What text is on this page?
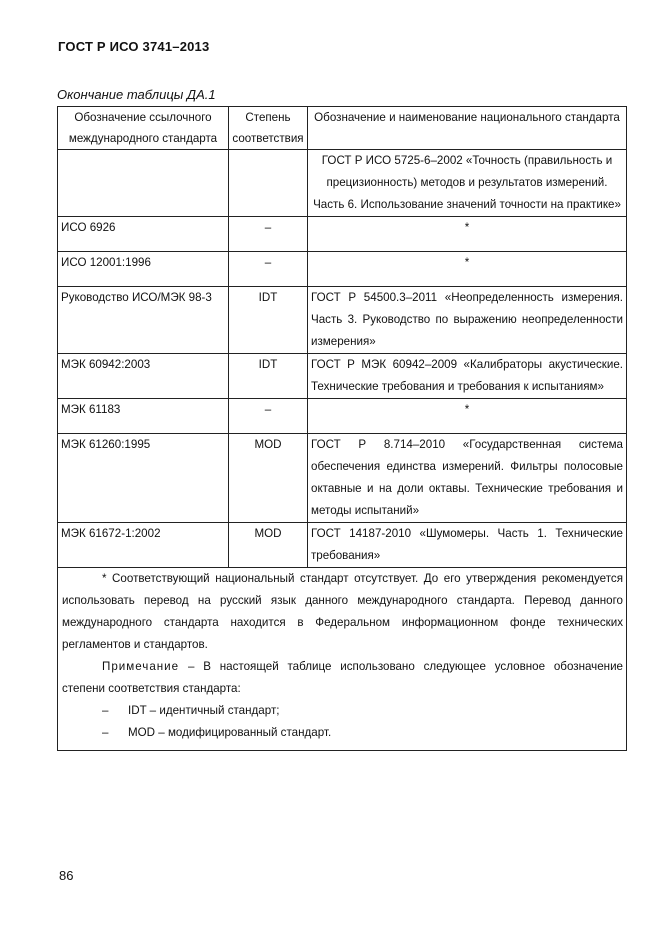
ГОСТ Р ИСО 3741–2013
Окончание таблицы ДА.1
Обозначение ссылочного международного стандарта	Степень соответствия	Обозначение и наименование национального стандарта
		ГОСТ Р ИСО 5725-6–2002 «Точность (правильность и прецизионность) методов и результатов измерений. Часть 6. Использование значений точности на практике»
ИСО 6926	–	*
ИСО 12001:1996	–	*
Руководство ИСО/МЭК 98-3	IDT	ГОСТ Р 54500.3–2011 «Неопределенность измерения. Часть 3. Руководство по выражению неопределенности измерения»
МЭК 60942:2003	IDT	ГОСТ Р МЭК 60942–2009 «Калибраторы акустические. Технические требования и требования к испытаниям»
МЭК 61183	–	*
МЭК 61260:1995	MOD	ГОСТ Р 8.714–2010 «Государственная система обеспечения единства измерений. Фильтры полосовые октавные и на доли октавы. Технические требования и методы испытаний»
МЭК 61672-1:2002	MOD	ГОСТ 14187-2010 «Шумомеры. Часть 1. Технические требования»

* Соответствующий национальный стандарт отсутствует. До его утверждения рекомендуется использовать перевод на русский язык данного международного стандарта. Перевод данного международного стандарта находится в Федеральном информационном фонде технических регламентов и стандартов.

Примечание – В настоящей таблице использовано следующее условное обозначение степени соответствия стандарта:

– IDT – идентичный стандарт;

– MOD – модифицированный стандарт.		

86
